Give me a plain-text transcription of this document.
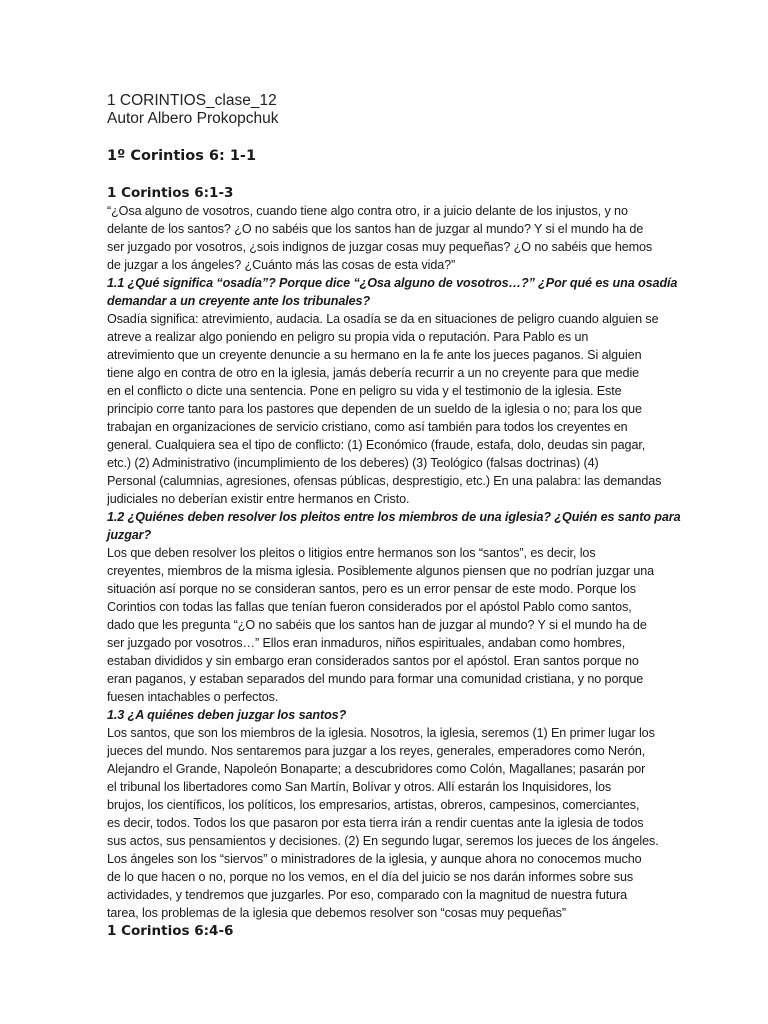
1 CORINTIOS_clase_12
Autor Albero Prokopchuk
1º Corintios 6: 1-1
1 Corintios 6:1-3
“¿Osa alguno de vosotros, cuando tiene algo contra otro, ir a juicio delante de los injustos, y no
delante de los santos? ¿O no sabéis que los santos han de juzgar al mundo? Y si el mundo ha de
ser juzgado por vosotros, ¿sois indignos de juzgar cosas muy pequeñas? ¿O no sabéis que hemos
de juzgar a los ángeles? ¿Cuánto más las cosas de esta vida?”
1.1 ¿Qué significa “osadía”? Porque dice “¿Osa alguno de vosotros…?” ¿Por qué es una osadía
demandar a un creyente ante los tribunales?
Osadía significa: atrevimiento, audacia. La osadía se da en situaciones de peligro cuando alguien se
atreve a realizar algo poniendo en peligro su propia vida o reputación. Para Pablo es un
atrevimiento que un creyente denuncie a su hermano en la fe ante los jueces paganos. Si alguien
tiene algo en contra de otro en la iglesia, jamás debería recurrir a un no creyente para que medie
en el conflicto o dicte una sentencia. Pone en peligro su vida y el testimonio de la iglesia. Este
principio corre tanto para los pastores que dependen de un sueldo de la iglesia o no; para los que
trabajan en organizaciones de servicio cristiano, como así también para todos los creyentes en
general. Cualquiera sea el tipo de conflicto: (1) Económico (fraude, estafa, dolo, deudas sin pagar,
etc.) (2) Administrativo (incumplimiento de los deberes) (3) Teológico (falsas doctrinas) (4)
Personal (calumnias, agresiones, ofensas públicas, desprestigio, etc.) En una palabra: las demandas
judiciales no deberían existir entre hermanos en Cristo.
1.2 ¿Quiénes deben resolver los pleitos entre los miembros de una iglesia? ¿Quién es santo para
juzgar?
Los que deben resolver los pleitos o litigios entre hermanos son los “santos”, es decir, los
creyentes, miembros de la misma iglesia. Posiblemente algunos piensen que no podrían juzgar una
situación así porque no se consideran santos, pero es un error pensar de este modo. Porque los
Corintios con todas las fallas que tenían fueron considerados por el apóstol Pablo como santos,
dado que les pregunta “¿O no sabéis que los santos han de juzgar al mundo? Y si el mundo ha de
ser juzgado por vosotros…” Ellos eran inmaduros, niños espirituales, andaban como hombres,
estaban divididos y sin embargo eran considerados santos por el apóstol. Eran santos porque no
eran paganos, y estaban separados del mundo para formar una comunidad cristiana, y no porque
fuesen intachables o perfectos.
1.3 ¿A quiénes deben juzgar los santos?
Los santos, que son los miembros de la iglesia. Nosotros, la iglesia, seremos (1) En primer lugar los
jueces del mundo. Nos sentaremos para juzgar a los reyes, generales, emperadores como Nerón,
Alejandro el Grande, Napoleón Bonaparte; a descubridores como Colón, Magallanes; pasarán por
el tribunal los libertadores como San Martín, Bolívar y otros. Allí estarán los Inquisidores, los
brujos, los científicos, los políticos, los empresarios, artistas, obreros, campesinos, comerciantes,
es decir, todos. Todos los que pasaron por esta tierra irán a rendir cuentas ante la iglesia de todos
sus actos, sus pensamientos y decisiones. (2) En segundo lugar, seremos los jueces de los ángeles.
Los ángeles son los “siervos” o ministradores de la iglesia, y aunque ahora no conocemos mucho
de lo que hacen o no, porque no los vemos, en el día del juicio se nos darán informes sobre sus
actividades, y tendremos que juzgarles. Por eso, comparado con la magnitud de nuestra futura
tarea, los problemas de la iglesia que debemos resolver son “cosas muy pequeñas”
1 Corintios 6:4-6
